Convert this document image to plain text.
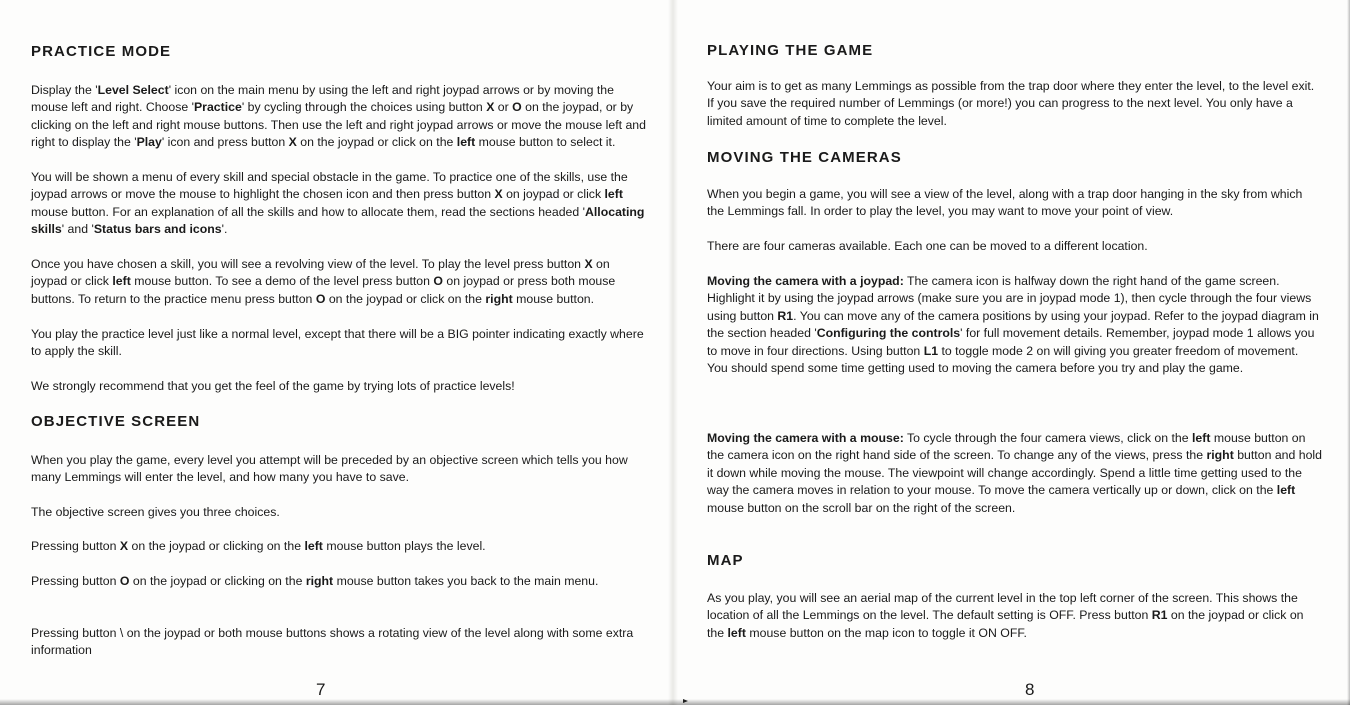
PRACTICE MODE

Display the 'Level Select' icon on the main menu by using the left and right joypad arrows or by moving the mouse left and right. Choose 'Practice' by cycling through the choices using button X or O on the joypad, or by clicking on the left and right mouse buttons. Then use the left and right joypad arrows or move the mouse left and right to display the 'Play' icon and press button X on the joypad or click on the left mouse button to select it.

You will be shown a menu of every skill and special obstacle in the game. To practice one of the skills, use the joypad arrows or move the mouse to highlight the chosen icon and then press button X on joypad or click left mouse button. For an explanation of all the skills and how to allocate them, read the sections headed 'Allocating skills' and 'Status bars and icons'.

Once you have chosen a skill, you will see a revolving view of the level. To play the level press button X on joypad or click left mouse button. To see a demo of the level press button O on joypad or press both mouse buttons. To return to the practice menu press button O on the joypad or click on the right mouse button.

You play the practice level just like a normal level, except that there will be a BIG pointer indicating exactly where to apply the skill.

We strongly recommend that you get the feel of the game by trying lots of practice levels!

OBJECTIVE SCREEN

When you play the game, every level you attempt will be preceded by an objective screen which tells you how many Lemmings will enter the level, and how many you have to save.

The objective screen gives you three choices.

Pressing button X on the joypad or clicking on the left mouse button plays the level.

Pressing button O on the joypad or clicking on the right mouse button takes you back to the main menu.

Pressing button \ on the joypad or both mouse buttons shows a rotating view of the level along with some extra information

7
PLAYING THE GAME

Your aim is to get as many Lemmings as possible from the trap door where they enter the level, to the level exit. If you save the required number of Lemmings (or more!) you can progress to the next level. You only have a limited amount of time to complete the level.

MOVING THE CAMERAS

When you begin a game, you will see a view of the level, along with a trap door hanging in the sky from which the Lemmings fall. In order to play the level, you may want to move your point of view.

There are four cameras available. Each one can be moved to a different location.

Moving the camera with a joypad: The camera icon is halfway down the right hand of the game screen. Highlight it by using the joypad arrows (make sure you are in joypad mode 1), then cycle through the four views using button R1. You can move any of the camera positions by using your joypad. Refer to the joypad diagram in the section headed 'Configuring the controls' for full movement details. Remember, joypad mode 1 allows you to move in four directions. Using button L1 to toggle mode 2 on will giving you greater freedom of movement. You should spend some time getting used to moving the camera before you try and play the game.

Moving the camera with a mouse: To cycle through the four camera views, click on the left mouse button on the camera icon on the right hand side of the screen. To change any of the views, press the right button and hold it down while moving the mouse. The viewpoint will change accordingly. Spend a little time getting used to the way the camera moves in relation to your mouse. To move the camera vertically up or down, click on the left mouse button on the scroll bar on the right of the screen.

MAP

As you play, you will see an aerial map of the current level in the top left corner of the screen. This shows the location of all the Lemmings on the level. The default setting is OFF. Press button R1 on the joypad or click on the left mouse button on the map icon to toggle it ON OFF.

8
